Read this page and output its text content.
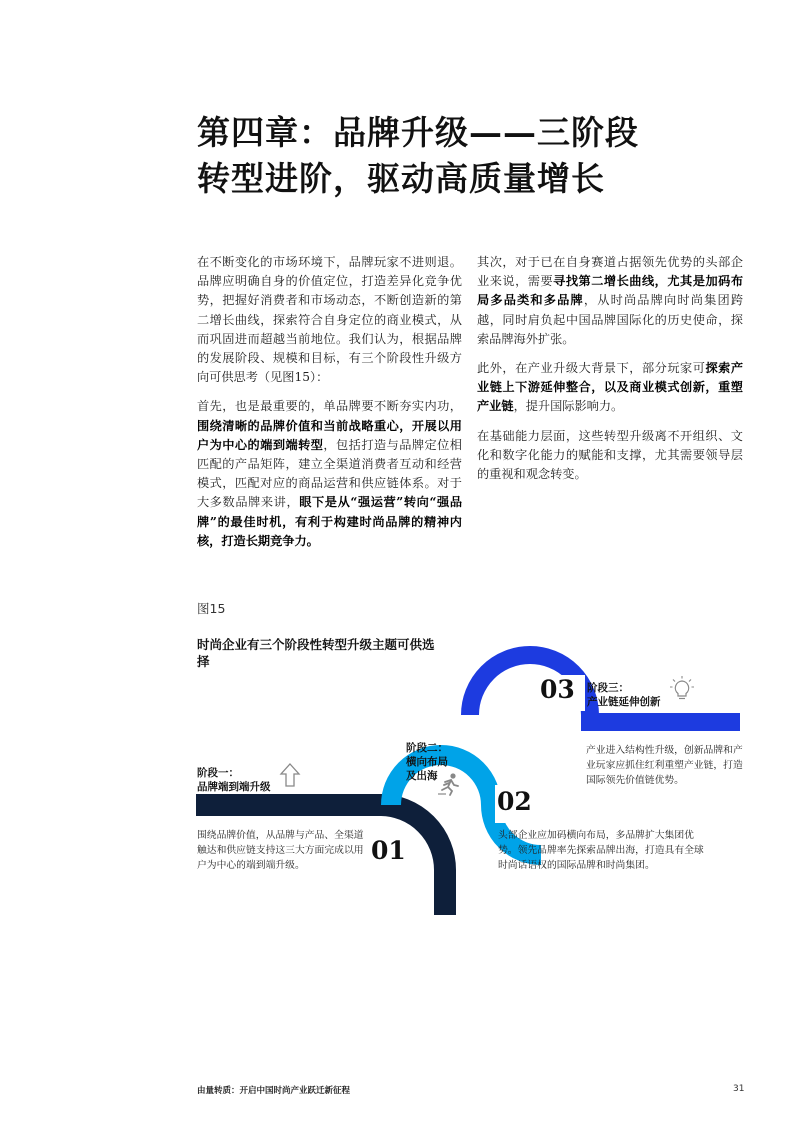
第四章：品牌升级——三阶段
转型进阶，驱动高质量增长

在不断变化的市场环境下，品牌玩家不进则退。品牌应明确自身的价值定位，打造差异化竞争优势，把握好消费者和市场动态，不断创造新的第二增长曲线，探索符合自身定位的商业模式，从而巩固进而超越当前地位。我们认为，根据品牌的发展阶段、规模和目标，有三个阶段性升级方向可供思考（见图15）：

首先，也是最重要的，单品牌要不断夯实内功，围绕清晰的品牌价值和当前战略重心，开展以用户为中心的端到端转型，包括打造与品牌定位相匹配的产品矩阵，建立全渠道消费者互动和经营模式，匹配对应的商品运营和供应链体系。对于大多数品牌来讲，眼下是从“强运营”转向“强品牌”的最佳时机，有利于构建时尚品牌的精神内核，打造长期竞争力。

其次，对于已在自身赛道占据领先优势的头部企业来说，需要寻找第二增长曲线，尤其是加码布局多品类和多品牌，从时尚品牌向时尚集团跨越，同时肩负起中国品牌国际化的历史使命，探索品牌海外扩张。

此外，在产业升级大背景下，部分玩家可探索产业链上下游延伸整合，以及商业模式创新，重塑产业链，提升国际影响力。

在基础能力层面，这些转型升级离不开组织、文化和数字化能力的赋能和支撑，尤其需要领导层的重视和观念转变。

图15
时尚企业有三个阶段性转型升级主题可供选择
03
02
01
阶段一：
品牌端到端升级
阶段二：
横向布局
及出海
阶段三：
产业链延伸创新
围绕品牌价值，从品牌与产品、全渠道触达和供应链支持这三大方面完成以用户为中心的端到端升级。
头部企业应加码横向布局，多品牌扩大集团优势。领先品牌率先探索品牌出海，打造具有全球时尚话语权的国际品牌和时尚集团。
产业进入结构性升级，创新品牌和产业玩家应抓住红利重塑产业链，打造国际领先价值链优势。
由量转质：开启中国时尚产业跃迁新征程	31
